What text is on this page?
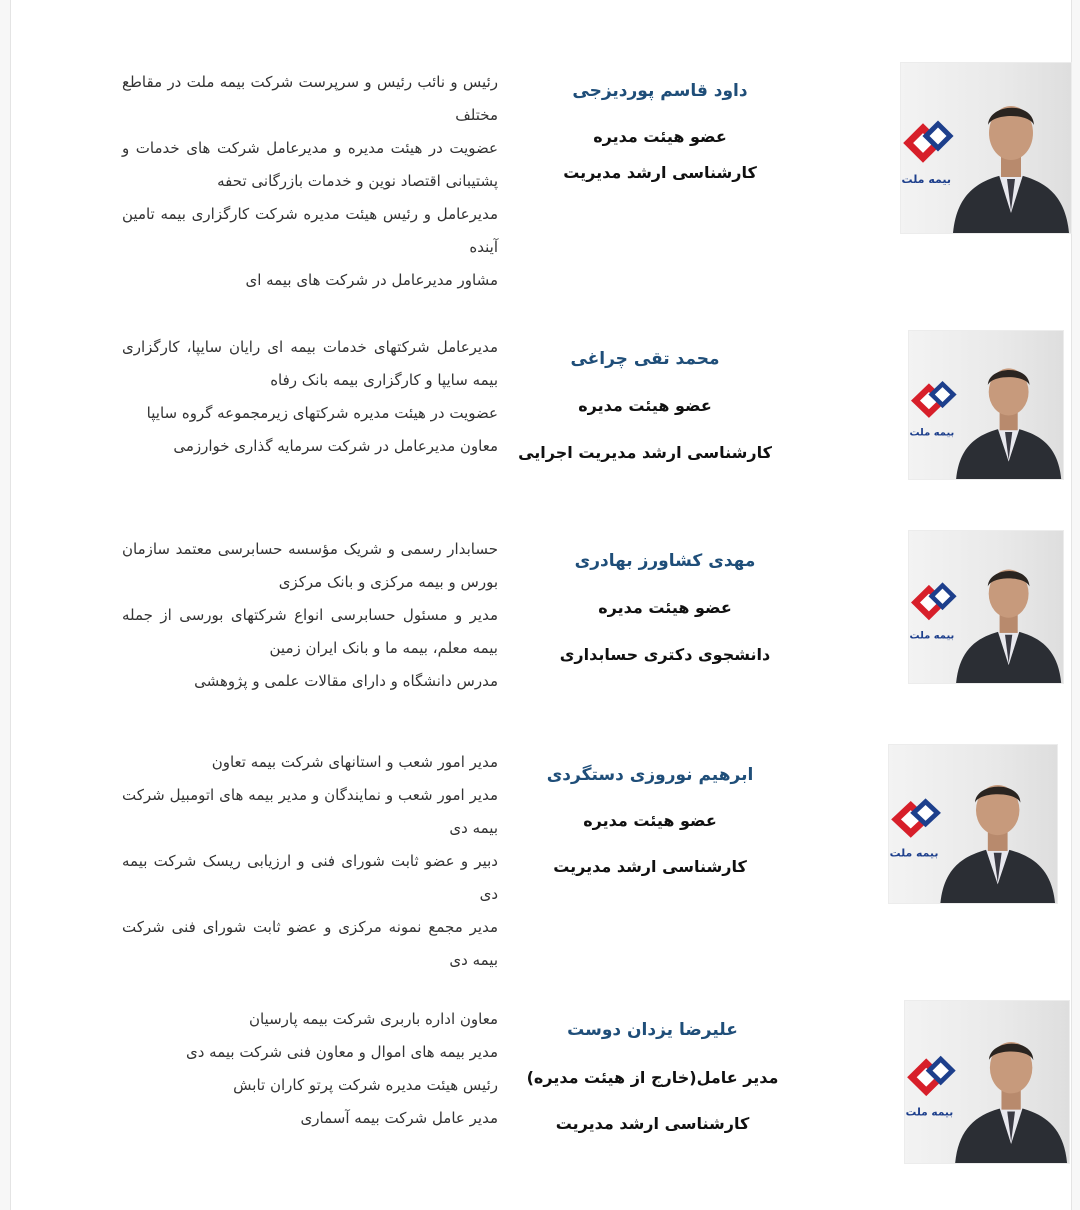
بیمه ملت
داود قاسم پوردیزجی
عضو هیئت مدیره
کارشناسی ارشد مدیریت

رئیس و نائب رئیس و سرپرست شرکت بیمه ملت در مقاطع مختلف

عضویت در هیئت مدیره و مدیرعامل شرکت های خدمات و پشتیبانی اقتصاد نوین و خدمات بازرگانی تحفه

مدیرعامل و رئیس هیئت مدیره شرکت کارگزاری بیمه تامین آینده

مشاور مدیرعامل در شرکت های بیمه ای

بیمه ملت
محمد تقی چراغی
عضو هیئت مدیره
کارشناسی ارشد مدیریت اجرایی

مدیرعامل شرکتهای خدمات بیمه ای رایان سایپا، کارگزاری بیمه سایپا و کارگزاری بیمه بانک رفاه

عضویت در هیئت مدیره شرکتهای زیرمجموعه گروه سایپا

معاون مدیرعامل در شرکت سرمایه گذاری خوارزمی

بیمه ملت
مهدی کشاورز بهادری
عضو هیئت مدیره
دانشجوی دکتری حسابداری

حسابدار رسمی و شریک مؤسسه حسابرسی معتمد سازمان بورس و بیمه مرکزی و بانک مرکزی

مدیر و مسئول حسابرسی انواع شرکتهای بورسی از جمله بیمه معلم، بیمه ما و بانک ایران زمین

مدرس دانشگاه و دارای مقالات علمی و پژوهشی

بیمه ملت
ابرهیم نوروزی دستگردی
عضو هیئت مدیره
کارشناسی ارشد مدیریت

مدیر امور شعب و استانهای شرکت بیمه تعاون

مدیر امور شعب و نمایندگان و مدیر بیمه های اتومبیل شرکت بیمه دی

دبیر و عضو ثابت شورای فنی و ارزیابی ریسک شرکت بیمه دی

مدیر مجمع نمونه مرکزی و عضو ثابت شورای فنی شرکت بیمه دی

بیمه ملت
علیرضا یزدان دوست
مدیر عامل(خارج از هیئت مدیره)
کارشناسی ارشد مدیریت

معاون اداره باربری شرکت بیمه پارسیان

مدیر بیمه های اموال و معاون فنی شرکت بیمه دی

رئیس هیئت مدیره شرکت پرتو کاران تابش

مدیر عامل شرکت بیمه آسماری
